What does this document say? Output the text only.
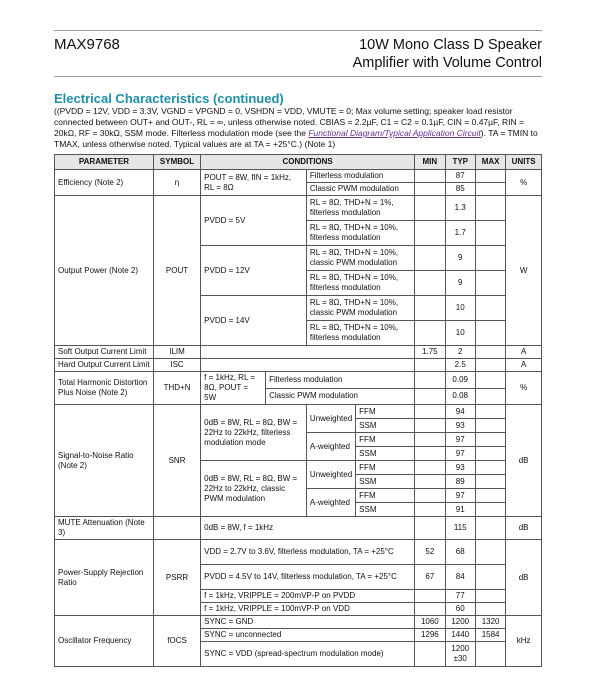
MAX9768	10W Mono Class D Speaker
Amplifier with Volume Control
Electrical Characteristics (continued)
((PVDD = 12V, VDD = 3.3V, VGND = VPGND = 0, VSHDN = VDD, VMUTE = 0; Max volume setting; speaker load resistor connected between OUT+ and OUT-, RL = ∞, unless otherwise noted. CBIAS = 2.2µF, C1 = C2 = 0.1µF, CIN = 0.47µF, RIN = 20kΩ, RF = 30kΩ, SSM mode. Filterless modulation mode (see the Functional Diagram/Typical Application Circuit). TA = TMIN to TMAX, unless otherwise noted. Typical values are at TA = +25°C.) (Note 1)
PARAMETER	SYMBOL	CONDITIONS				MIN	TYP	MAX	UNITS
Efficiency (Note 2)	η	POUT = 8W, fIN = 1kHz, RL = 8Ω		Filterless modulation			87		%
				Classic PWM modulation			85		
Output Power (Note 2)	POUT	PVDD = 5V		RL = 8Ω, THD+N = 1%, filterless modulation			1.3		W
				RL = 8Ω, THD+N = 10%, filterless modulation			1.7		
		PVDD = 12V		RL = 8Ω, THD+N = 10%, classic PWM modulation			9		
				RL = 8Ω, THD+N = 10%, filterless modulation			9		
		PVDD = 14V		RL = 8Ω, THD+N = 10%, classic PWM modulation			10		
				RL = 8Ω, THD+N = 10%, filterless modulation			10		
Soft Output Current Limit	ILIM					1.75	2		A
Hard Output Current Limit	ISC						2.5		A
Total Harmonic Distortion Plus Noise (Note 2)	THD+N	f = 1kHz, RL = 8Ω, POUT = 5W	Filterless modulation				0.09		%
			Classic PWM modulation				0.08		
Signal-to-Noise Ratio (Note 2)	SNR	0dB = 8W, RL = 8Ω, BW = 22Hz to 22kHz, filterless modulation mode		Unweighted	FFM		94		dB
					SSM		93		
				A-weighted	FFM		97		
					SSM		97		
		0dB = 8W, RL = 8Ω, BW = 22Hz to 22kHz, classic PWM modulation		Unweighted	FFM		93		
					SSM		89		
				A-weighted	FFM		97		
					SSM		91		
MUTE Attenuation (Note 3)		0dB = 8W, f = 1kHz					115		dB
Power-Supply Rejection Ratio	PSRR	VDD = 2.7V to 3.6V, filterless modulation, TA = +25°C				52	68		dB
		PVDD = 4.5V to 14V, filterless modulation, TA = +25°C				67	84		
		f = 1kHz, VRIPPLE = 200mVP-P on PVDD					77		
		f = 1kHz, VRIPPLE = 100mVP-P on VDD					60		
Oscillator Frequency	fOCS	SYNC = GND				1060	1200	1320	kHz
		SYNC = unconnected				1296	1440	1584	
		SYNC = VDD (spread-spectrum modulation mode)					1200
±30		
